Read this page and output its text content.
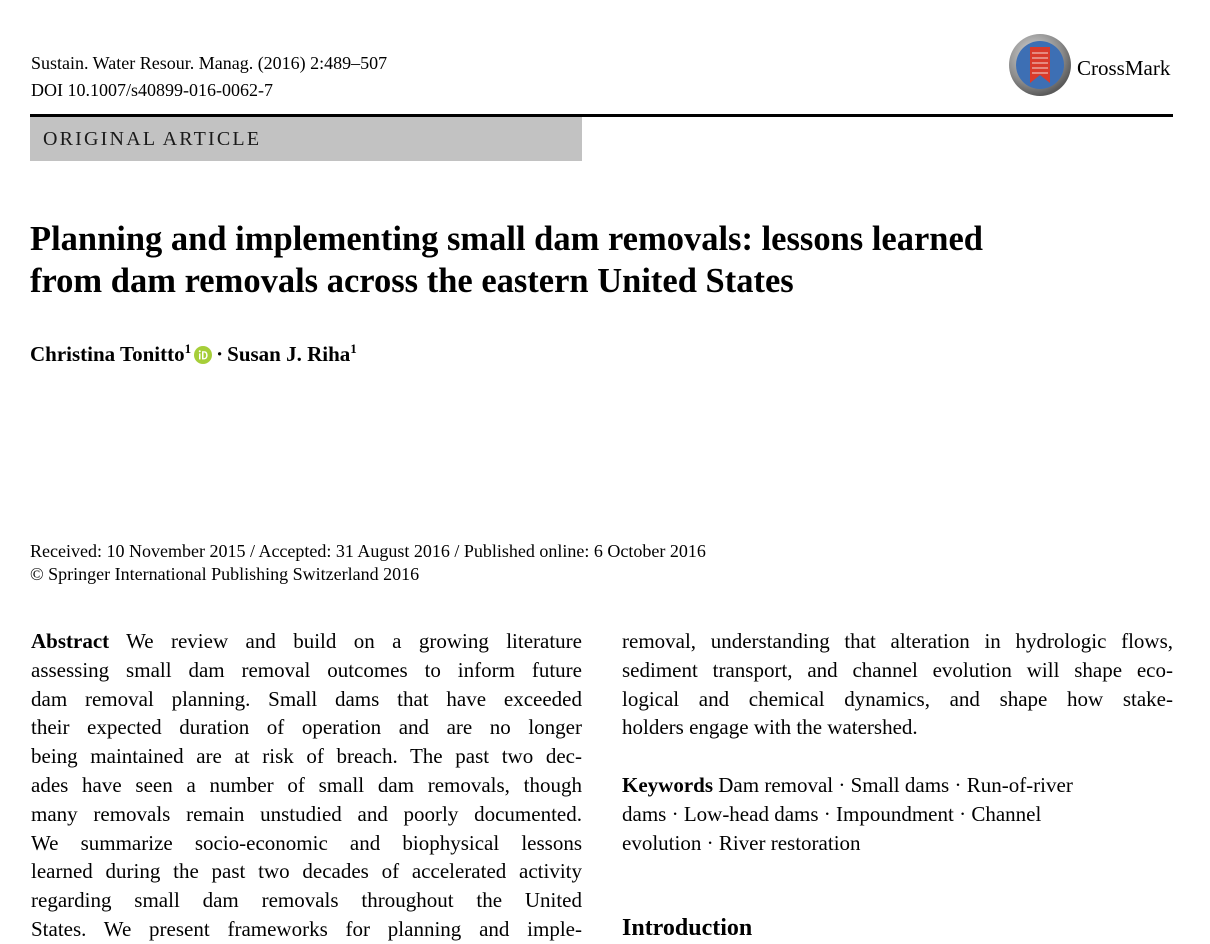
Sustain. Water Resour. Manag. (2016) 2:489–507
DOI 10.1007/s40899-016-0062-7
CrossMark
ORIGINAL ARTICLE
Planning and implementing small dam removals: lessons learned
from dam removals across the eastern United States
Christina Tonitto$^1$ · Susan J. Riha$^1$
Received: 10 November 2015 / Accepted: 31 August 2016 / Published online: 6 October 2016
© Springer International Publishing Switzerland 2016
Abstract We review and build on a growing literature
assessing small dam removal outcomes to inform future
dam removal planning. Small dams that have exceeded
their expected duration of operation and are no longer
being maintained are at risk of breach. The past two dec-
ades have seen a number of small dam removals, though
many removals remain unstudied and poorly documented.
We summarize socio-economic and biophysical lessons
learned during the past two decades of accelerated activity
regarding small dam removals throughout the United
States. We present frameworks for planning and imple-
removal, understanding that alteration in hydrologic flows,
sediment transport, and channel evolution will shape eco-
logical and chemical dynamics, and shape how stake-
holders engage with the watershed.
Keywords Dam removal · Small dams · Run-of-river
dams · Low-head dams · Impoundment · Channel
evolution · River restoration
Introduction
